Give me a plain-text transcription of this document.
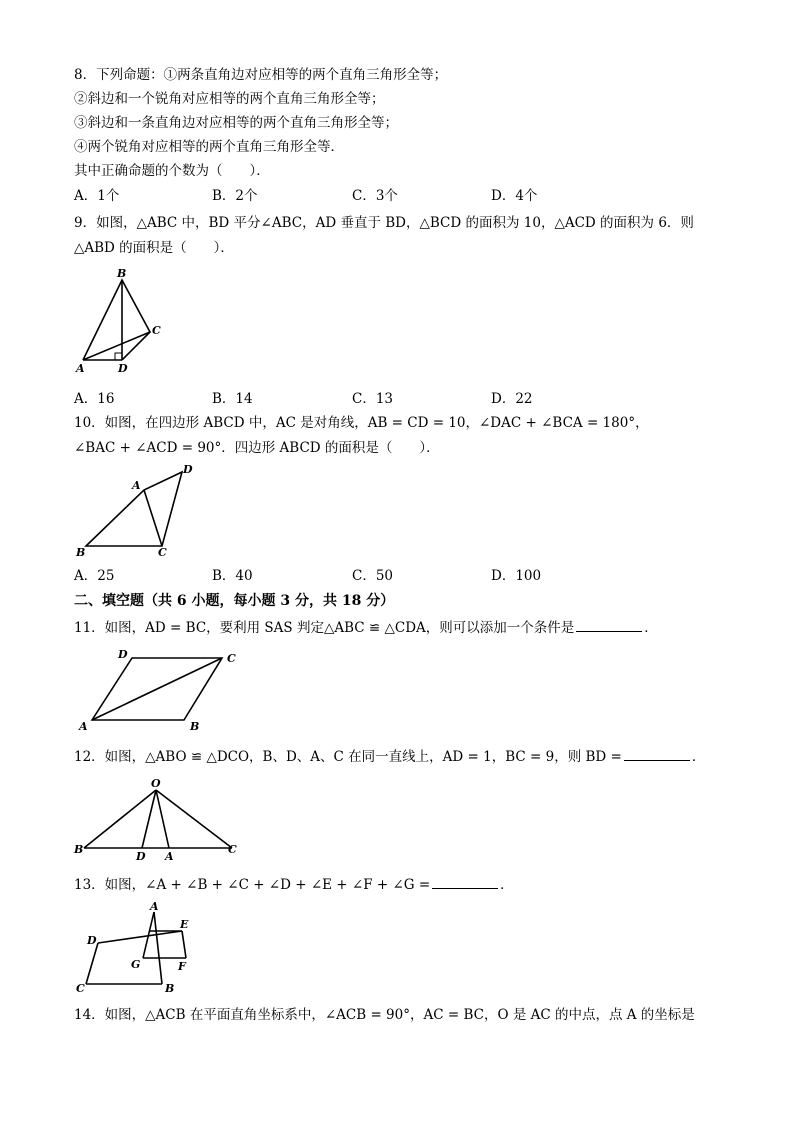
8．下列命题：①两条直角边对应相等的两个直角三角形全等；
②斜边和一个锐角对应相等的两个直角三角形全等；
③斜边和一条直角边对应相等的两个直角三角形全等；
④两个锐角对应相等的两个直角三角形全等．
其中正确命题的个数为（　　）．
A．1个	B．2个	C．3个	D．4个
9．如图，△ABC 中，BD 平分∠ABC，AD 垂直于 BD，△BCD 的面积为 10，△ACD 的面积为 6．则
△ABD 的面积是（　　）．
B
C
A	D
A．16	B．14	C．13	D．22
10．如图，在四边形 ABCD 中，AC 是对角线，AB = CD = 10，∠DAC + ∠BCA = 180°，
∠BAC + ∠ACD = 90°．四边形 ABCD 的面积是（　　）．
A
D
B	C
A．25	B．40	C．50	D．100
二、填空题（共 6 小题，每小题 3 分，共 18 分）
11．如图，AD = BC，要利用 SAS 判定△ABC ≌ △CDA，则可以添加一个条件是	．
D	C
A	B
12．如图，△ABO ≌ △DCO，B、D、A、C 在同一直线上，AD = 1，BC = 9，则 BD =	．
O
B
D A
C
13．如图，∠A + ∠B + ∠C + ∠D + ∠E + ∠F + ∠G =	．
A
E
D
G	F
C	B
14．如图，△ACB 在平面直角坐标系中，∠ACB = 90°，AC = BC，O 是 AC 的中点，点 A 的坐标是
